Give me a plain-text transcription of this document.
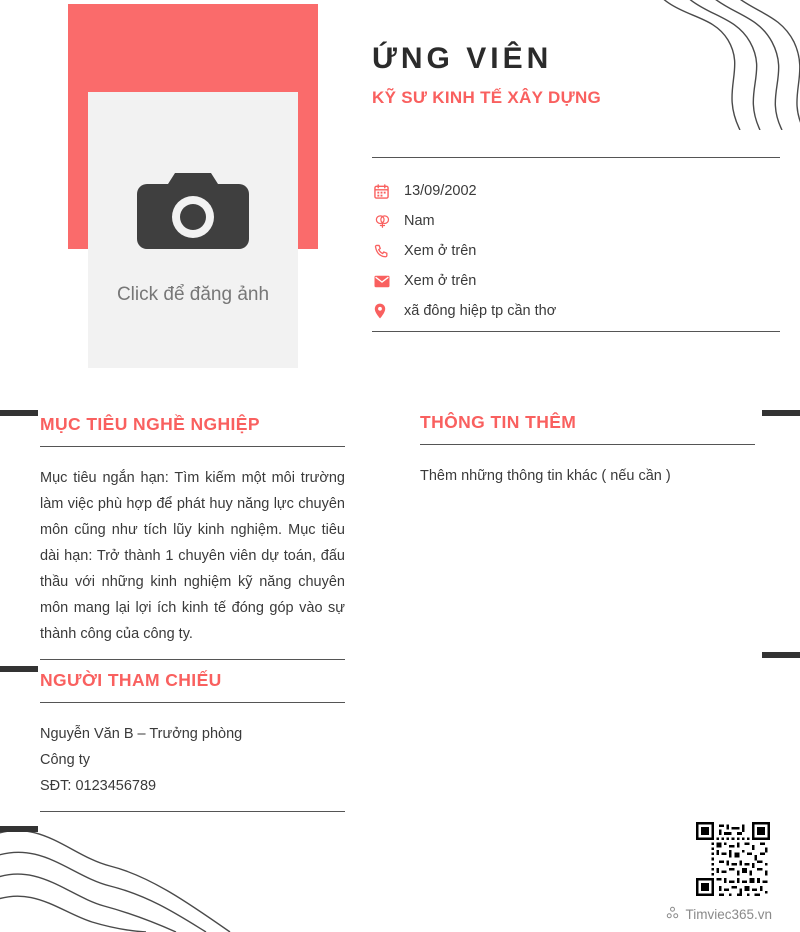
Click để đăng ảnh
ỨNG VIÊN
KỸ SƯ KINH TẾ XÂY DỰNG
13/09/2002
Nam
Xem ở trên
Xem ở trên
xã đông hiệp tp cần thơ
MỤC TIÊU NGHỀ NGHIỆP

Mục tiêu ngắn hạn: Tìm kiếm một môi trường làm việc phù hợp để phát huy năng lực chuyên môn cũng như tích lũy kinh nghiệm. Mục tiêu dài hạn: Trở thành 1 chuyên viên dự toán, đấu thầu với những kinh nghiệm kỹ năng chuyên môn mang lại lợi ích kinh tế đóng góp vào sự thành công của công ty.

NGƯỜI THAM CHIẾU
Nguyễn Văn B – Trưởng phòng
Công ty
SĐT: 0123456789
THÔNG TIN THÊM

Thêm những thông tin khác ( nếu cần )

Timviec365.vn
